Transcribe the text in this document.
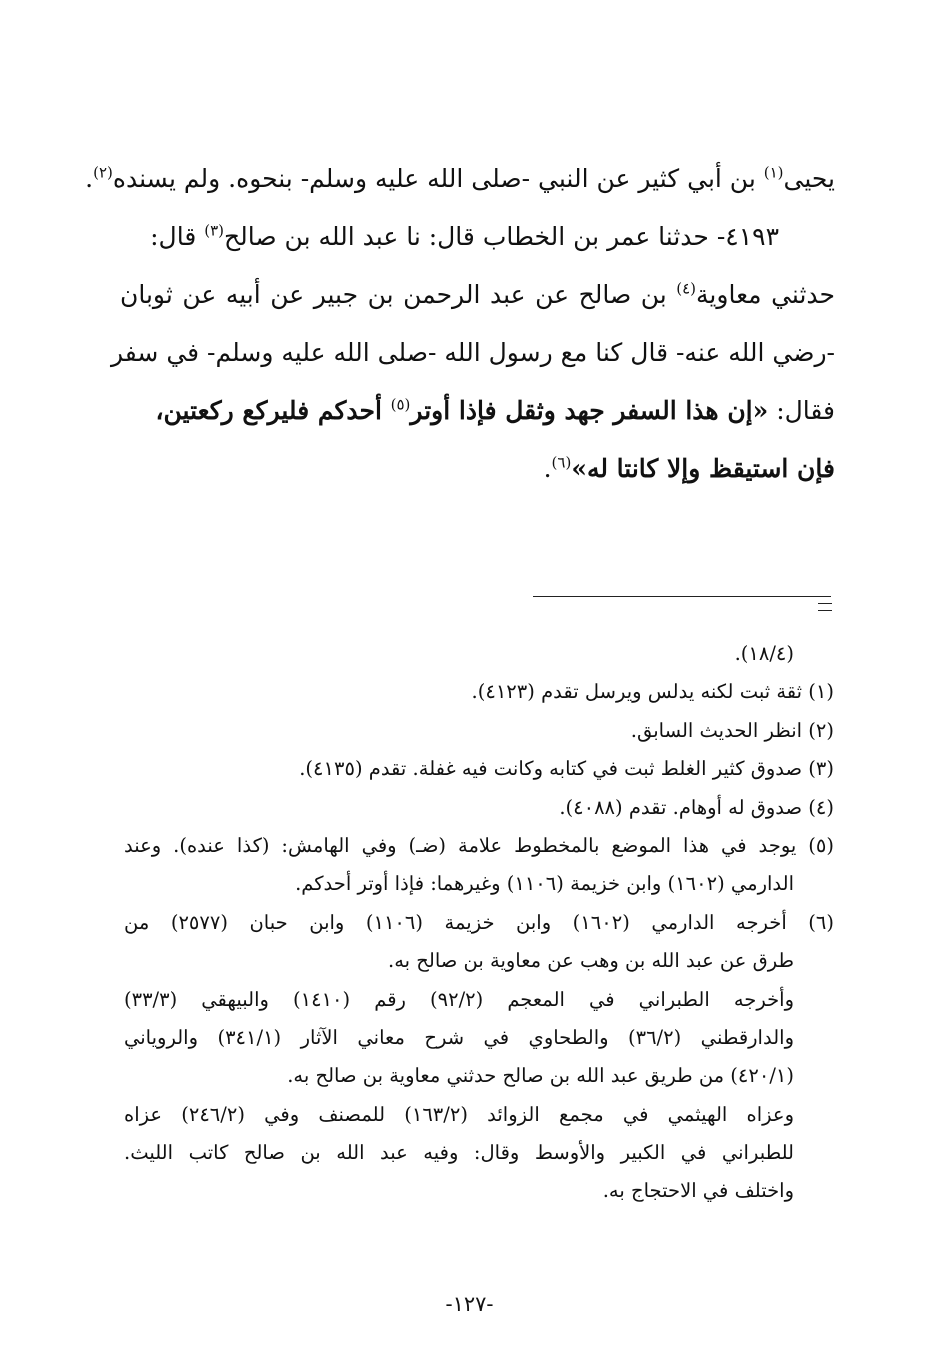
يحيى$^{(١)}$ بن أبي كثير عن النبي -صلى الله عليه وسلم- بنحوه. ولم يسنده$^{(٢)}$.
٤١٩٣- حدثنا عمر بن الخطاب قال: نا عبد الله بن صالح$^{(٣)}$ قال:
حدثني معاوية$^{(٤)}$ بن صالح عن عبد الرحمن بن جبير عن أبيه عن ثوبان
-رضي الله عنه- قال كنا مع رسول الله -صلى الله عليه وسلم- في سفر
فقال: «إن هذا السفر جهد وثقل فإذا أوتر$^{(٥)}$ أحدكم فليركع ركعتين،
فإن استيقظ وإلا كانتا له»$^{(٦)}$.
(١٨/٤).
(١) ثقة ثبت لكنه يدلس ويرسل تقدم (٤١٢٣).
(٢) انظر الحديث السابق.
(٣) صدوق كثير الغلط ثبت في كتابه وكانت فيه غفلة. تقدم (٤١٣٥).
(٤) صدوق له أوهام. تقدم (٤٠٨٨).
(٥) يوجد في هذا الموضع بالمخطوط علامة (ضـ) وفي الهامش: (كذا عنده). وعند
الدارمي (١٦٠٢) وابن خزيمة (١١٠٦) وغيرهما: فإذا أوتر أحدكم.
(٦) أخرجه الدارمي (١٦٠٢) وابن خزيمة (١١٠٦) وابن حبان (٢٥٧٧) من
طرق عن عبد الله بن وهب عن معاوية بن صالح به.
وأخرجه الطبراني في المعجم (٩٢/٢) رقم (١٤١٠) والبيهقي (٣٣/٣)
والدارقطني (٣٦/٢) والطحاوي في شرح معاني الآثار (٣٤١/١) والروياني
(٤٢٠/١) من طريق عبد الله بن صالح حدثني معاوية بن صالح به.
وعزاه الهيثمي في مجمع الزوائد (١٦٣/٢) للمصنف وفي (٢٤٦/٢) عزاه
للطبراني في الكبير والأوسط وقال: وفيه عبد الله بن صالح كاتب الليث.
واختلف في الاحتجاج به.
-١٢٧-
